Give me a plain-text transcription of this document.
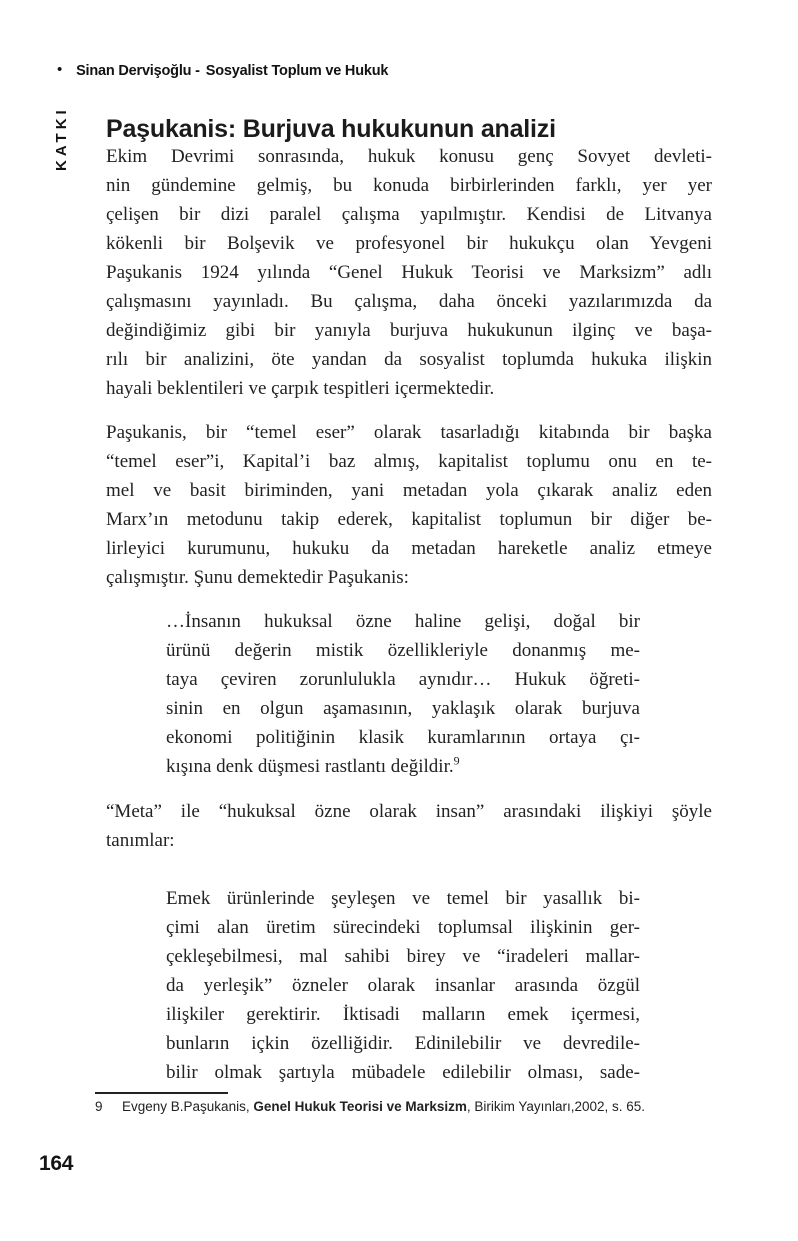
• Sinan Dervişoğlu - Sosyalist Toplum ve Hukuk
KATKI Paşukanis: Burjuva hukukunun analizi
Ekim Devrimi sonrasında, hukuk konusu genç Sovyet devleti-
nin gündemine gelmiş, bu konuda birbirlerinden farklı, yer yer
çelişen bir dizi paralel çalışma yapılmıştır. Kendisi de Litvanya
kökenli bir Bolşevik ve profesyonel bir hukukçu olan Yevgeni
Paşukanis 1924 yılında “Genel Hukuk Teorisi ve Marksizm” adlı
çalışmasını yayınladı. Bu çalışma, daha önceki yazılarımızda da
değindiğimiz gibi bir yanıyla burjuva hukukunun ilginç ve başa-
rılı bir analizini, öte yandan da sosyalist toplumda hukuka ilişkin
hayali beklentileri ve çarpık tespitleri içermektedir.
Paşukanis, bir “temel eser” olarak tasarladığı kitabında bir başka
“temel eser”i, Kapital’i baz almış, kapitalist toplumu onu en te-
mel ve basit biriminden, yani metadan yola çıkarak analiz eden
Marx’ın metodunu takip ederek, kapitalist toplumun bir diğer be-
lirleyici kurumunu, hukuku da metadan hareketle analiz etmeye
çalışmıştır. Şunu demektedir Paşukanis:
…İnsanın hukuksal özne haline gelişi, doğal bir
ürünü değerin mistik özellikleriyle donanmış me-
taya çeviren zorunlulukla aynıdır… Hukuk öğreti-
sinin en olgun aşamasının, yaklaşık olarak burjuva
ekonomi politiğinin klasik kuramlarının ortaya çı-
kışına denk düşmesi rastlantı değildir.$^9$
“Meta” ile “hukuksal özne olarak insan” arasındaki ilişkiyi şöyle
tanımlar:
Emek ürünlerinde şeyleşen ve temel bir yasallık bi-
çimi alan üretim sürecindeki toplumsal ilişkinin ger-
çekleşebilmesi, mal sahibi birey ve “iradeleri mallar-
da yerleşik” özneler olarak insanlar arasında özgül
ilişkiler gerektirir. İktisadi malların emek içermesi,
bunların içkin özelliğidir. Edinilebilir ve devredile-
bilir olmak şartıyla mübadele edilebilir olması, sade-
9	Evgeny B.Paşukanis, Genel Hukuk Teorisi ve Marksizm, Birikim Yayınları,2002, s. 65.
164
